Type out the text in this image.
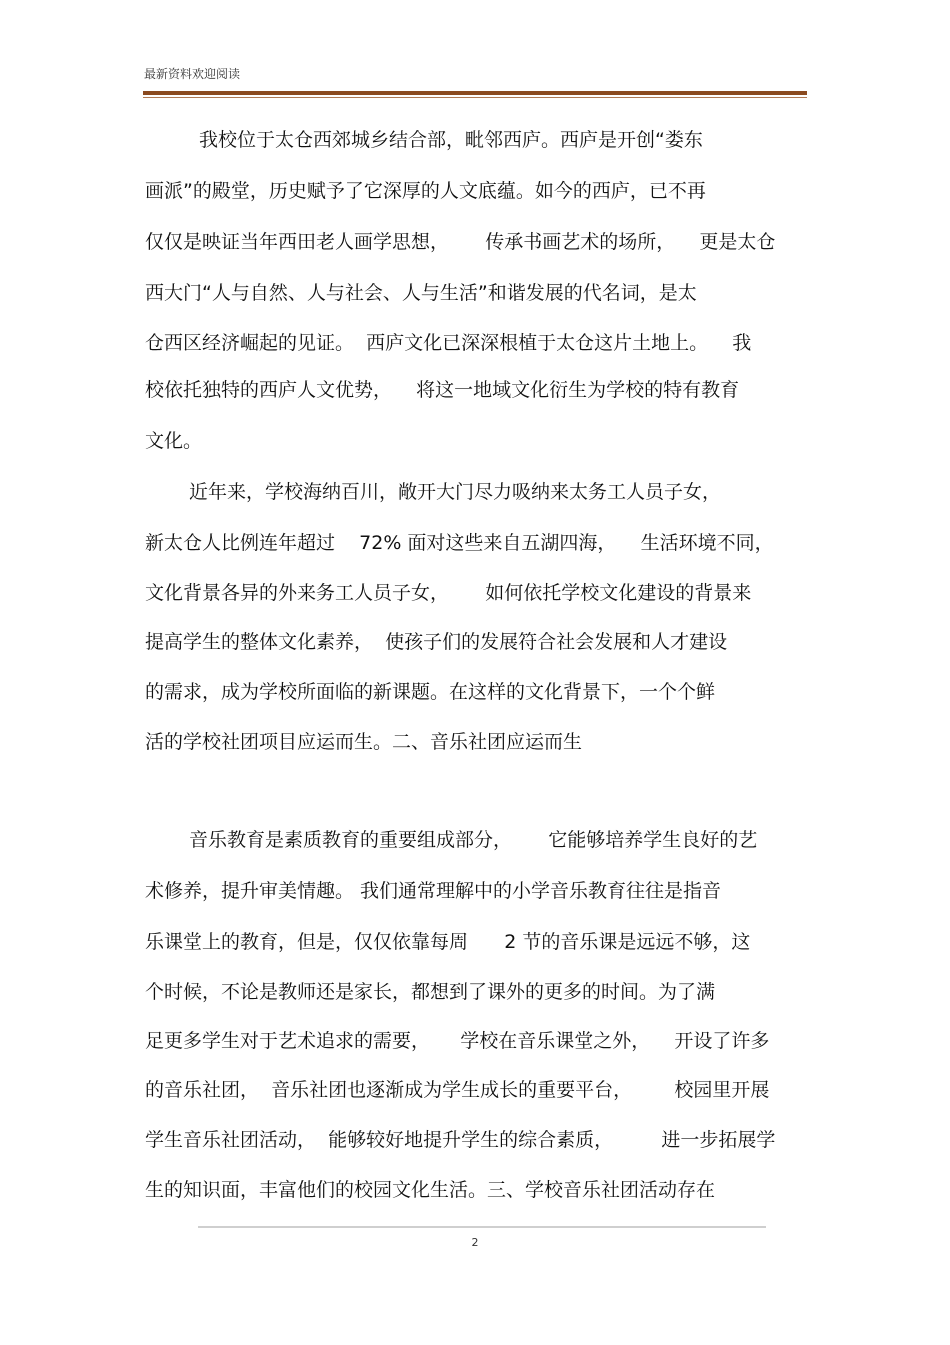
最新资料欢迎阅读
我校位于太仓西郊城乡结合部，毗邻西庐。西庐是开创“娄东
画派”的殿堂，历史赋予了它深厚的人文底蕴。如今的西庐，已不再
仅仅是映证当年西田老人画学思想，      传承书画艺术的场所，    更是太仓
西大门“人与自然、人与社会、人与生活”和谐发展的代名词，是太
仓西区经济崛起的见证。  西庐文化已深深根植于太仓这片土地上。    我
校依托独特的西庐人文优势，    将这一地域文化衍生为学校的特有教育
文化。
近年来，学校海纳百川，敞开大门尽力吸纳来太务工人员子女，
新太仓人比例连年超过    72% 面对这些来自五湖四海，    生活环境不同，
文化背景各异的外来务工人员子女，      如何依托学校文化建设的背景来
提高学生的整体文化素养，  使孩子们的发展符合社会发展和人才建设
的需求，成为学校所面临的新课题。在这样的文化背景下，一个个鲜
活的学校社团项目应运而生。二、音乐社团应运而生
音乐教育是素质教育的重要组成部分，      它能够培养学生良好的艺
术修养，提升审美情趣。 我们通常理解中的小学音乐教育往往是指音
乐课堂上的教育，但是，仅仅依靠每周      2 节的音乐课是远远不够，这
个时候，不论是教师还是家长，都想到了课外的更多的时间。为了满
足更多学生对于艺术追求的需要，     学校在音乐课堂之外，    开设了许多
的音乐社团，  音乐社团也逐渐成为学生成长的重要平台，       校园里开展
学生音乐社团活动，  能够较好地提升学生的综合素质，        进一步拓展学
生的知识面，丰富他们的校园文化生活。三、学校音乐社团活动存在
2
